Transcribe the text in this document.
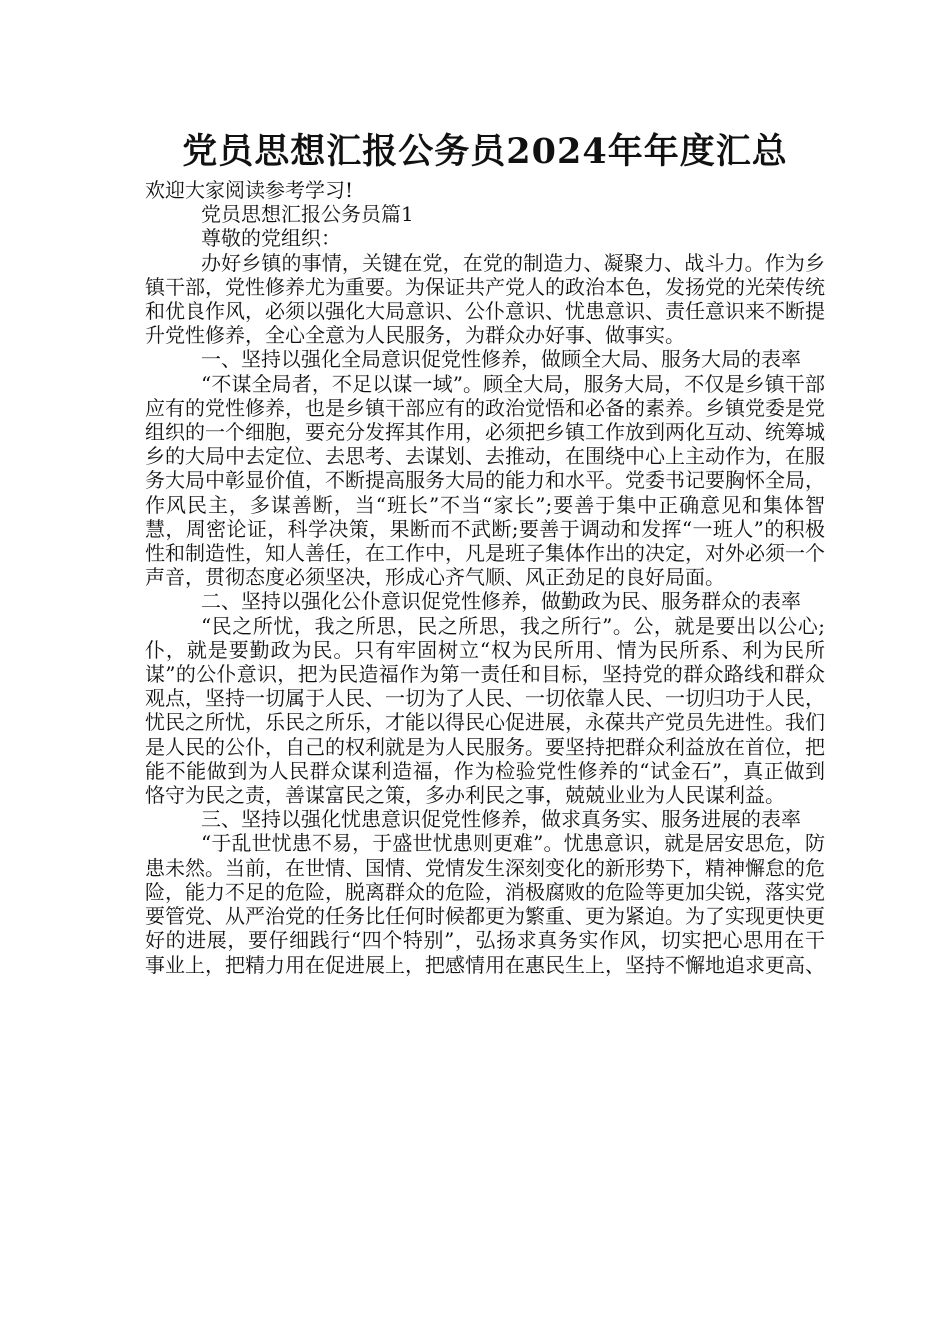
党员思想汇报公务员2024年年度汇总

欢迎大家阅读参考学习!

党员思想汇报公务员篇1

尊敬的党组织：

办好乡镇的事情，关键在党，在党的制造力、凝聚力、战斗力。作为乡镇干部，党性修养尤为重要。为保证共产党人的政治本色，发扬党的光荣传统和优良作风，必须以强化大局意识、公仆意识、忧患意识、责任意识来不断提升党性修养，全心全意为人民服务，为群众办好事、做事实。

一、坚持以强化全局意识促党性修养，做顾全大局、服务大局的表率

“不谋全局者，不足以谋一域”。顾全大局，服务大局，不仅是乡镇干部应有的党性修养，也是乡镇干部应有的政治觉悟和必备的素养。乡镇党委是党组织的一个细胞，要充分发挥其作用，必须把乡镇工作放到两化互动、统筹城乡的大局中去定位、去思考、去谋划、去推动，在围绕中心上主动作为，在服务大局中彰显价值，不断提高服务大局的能力和水平。党委书记要胸怀全局，作风民主，多谋善断，当“班长”不当“家长”;要善于集中正确意见和集体智慧，周密论证，科学决策，果断而不武断;要善于调动和发挥“一班人”的积极性和制造性，知人善任，在工作中，凡是班子集体作出的决定，对外必须一个声音，贯彻态度必须坚决，形成心齐气顺、风正劲足的良好局面。

二、坚持以强化公仆意识促党性修养，做勤政为民、服务群众的表率

“民之所忧，我之所思，民之所思，我之所行”。公，就是要出以公心;仆，就是要勤政为民。只有牢固树立“权为民所用、情为民所系、利为民所谋”的公仆意识，把为民造福作为第一责任和目标，坚持党的群众路线和群众观点，坚持一切属于人民、一切为了人民、一切依靠人民、一切归功于人民，忧民之所忧，乐民之所乐，才能以得民心促进展，永葆共产党员先进性。我们是人民的公仆，自己的权利就是为人民服务。要坚持把群众利益放在首位，把能不能做到为人民群众谋利造福，作为检验党性修养的“试金石”，真正做到恪守为民之责，善谋富民之策，多办利民之事，兢兢业业为人民谋利益。

三、坚持以强化忧患意识促党性修养，做求真务实、服务进展的表率

“于乱世忧患不易，于盛世忧患则更难”。忧患意识，就是居安思危，防患未然。当前，在世情、国情、党情发生深刻变化的新形势下，精神懈怠的危险，能力不足的危险，脱离群众的危险，消极腐败的危险等更加尖锐，落实党要管党、从严治党的任务比任何时候都更为繁重、更为紧迫。为了实现更快更好的进展，要仔细践行“四个特别”，弘扬求真务实作风，切实把心思用在干事业上，把精力用在促进展上，把感情用在惠民生上，坚持不懈地追求更高、
